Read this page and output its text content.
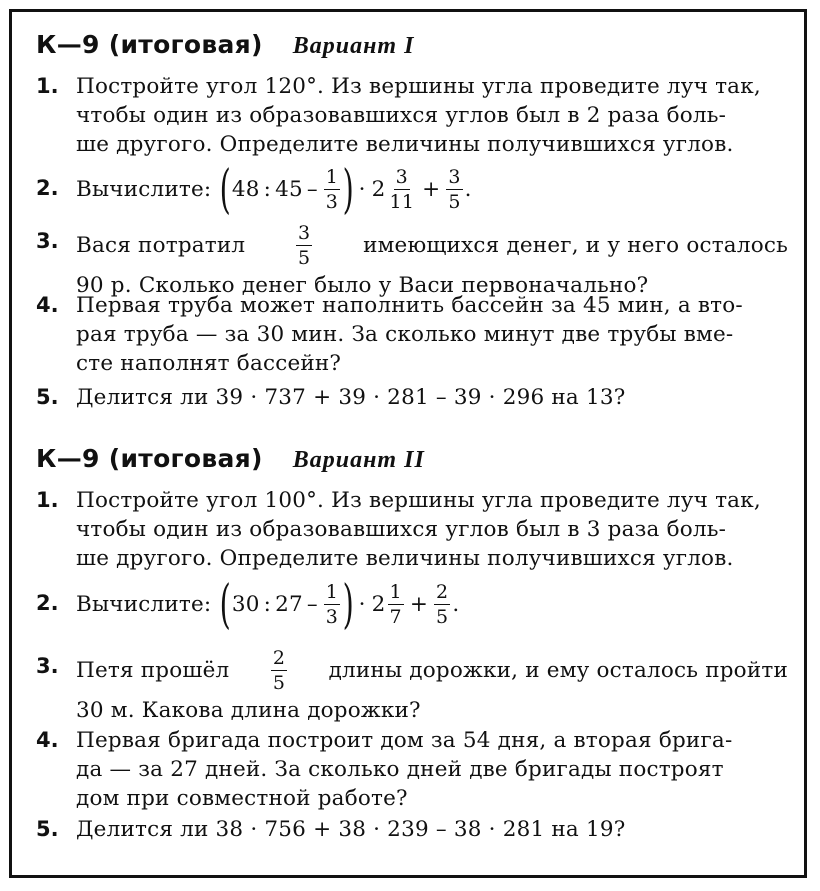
К—9 (итоговая) Вариант I
1. Постройте угол 120°. Из вершины угла проведите луч так,
чтобы один из образовавшихся углов был в 2 раза боль-
ше другого. Определите величины получившихся углов.
2. Вычислите: ( 48 : $45 - \frac{1}{3}$ ) · $2 \frac{3}{11} + \frac{3}{5}$ .
3. Вася потратил	$\frac{3}{5}$ имеющихся денег, и у него осталось
90 р. Сколько денег было у Васи первоначально?
4. Первая труба может наполнить бассейн за 45 мин, а вто-
рая труба — за 30 мин. За сколько минут две трубы вме-
сте наполнят бассейн?
5. Делится ли 39 · 737 + 39 · 281 – 39 · 296 на 13?
К—9 (итоговая) Вариант II
1. Постройте угол 100°. Из вершины угла проведите луч так,
чтобы один из образовавшихся углов был в 3 раза боль-
ше другого. Определите величины получившихся углов.
2. Вычислите: ( 30 : $27 - \frac{1}{3}$ ) · $2 \frac{1}{7} + \frac{2}{5}$ .
3. Петя прошёл $\frac{2}{5}$ длины дорожки, и ему осталось пройти
30 м. Какова длина дорожки?
4. Первая бригада построит дом за 54 дня, а вторая бригa-
да — за 27 дней. За сколько дней две бригады построят
дом при совместной работе?
5. Делится ли 38 · 756 + 38 · 239 – 38 · 281 на 19?
